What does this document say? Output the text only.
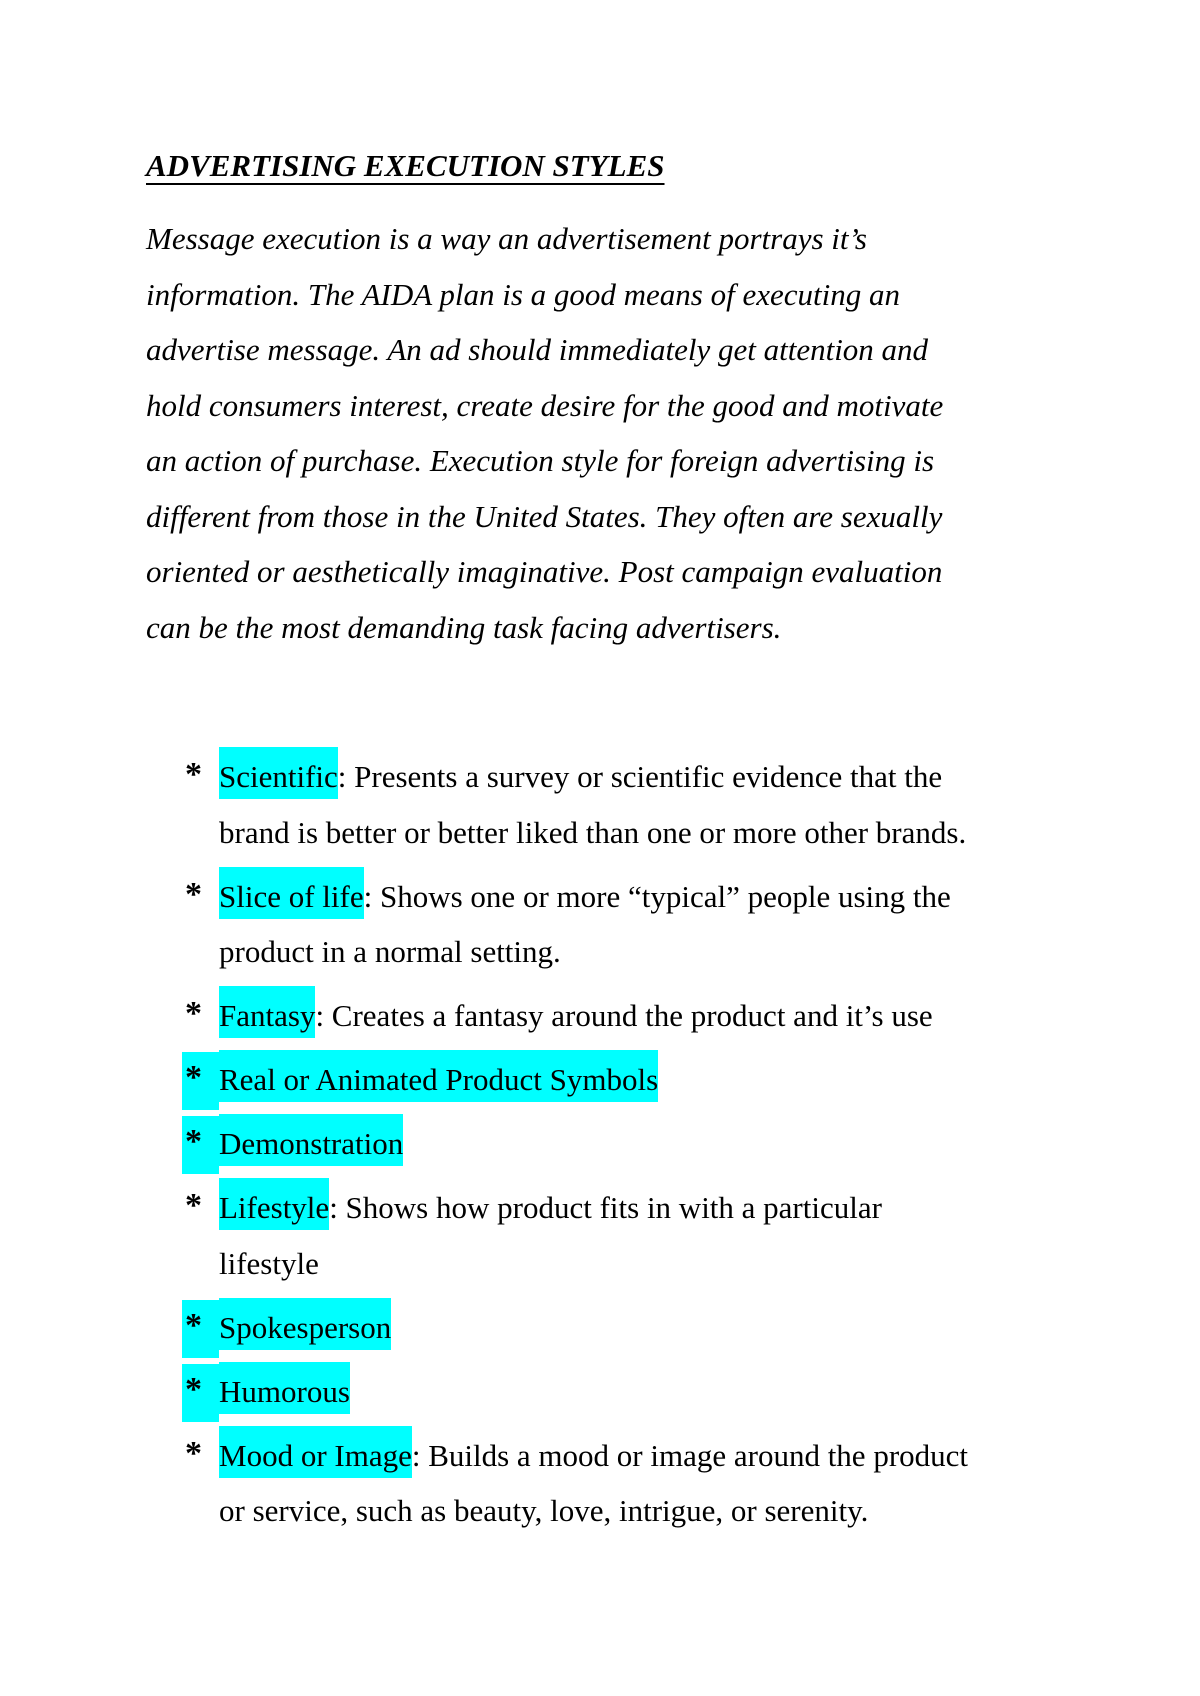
ADVERTISING EXECUTION STYLES

Message execution is a way an advertisement portrays it’s
information. The AIDA plan is a good means of executing an
advertise message. An ad should immediately get attention and
hold consumers interest, create desire for the good and motivate
an action of purchase. Execution style for foreign advertising is
different from those in the United States. They often are sexually
oriented or aesthetically imaginative. Post campaign evaluation
can be the most demanding task facing advertisers.

* Scientific: Presents a survey or scientific evidence that the
brand is better or better liked than one or more other brands.
* Slice of life: Shows one or more “typical” people using the
product in a normal setting.
* Fantasy: Creates a fantasy around the product and it’s use
* Real or Animated Product Symbols
* Demonstration
* Lifestyle: Shows how product fits in with a particular
lifestyle
* Spokesperson
* Humorous
* Mood or Image: Builds a mood or image around the product
or service, such as beauty, love, intrigue, or serenity.
